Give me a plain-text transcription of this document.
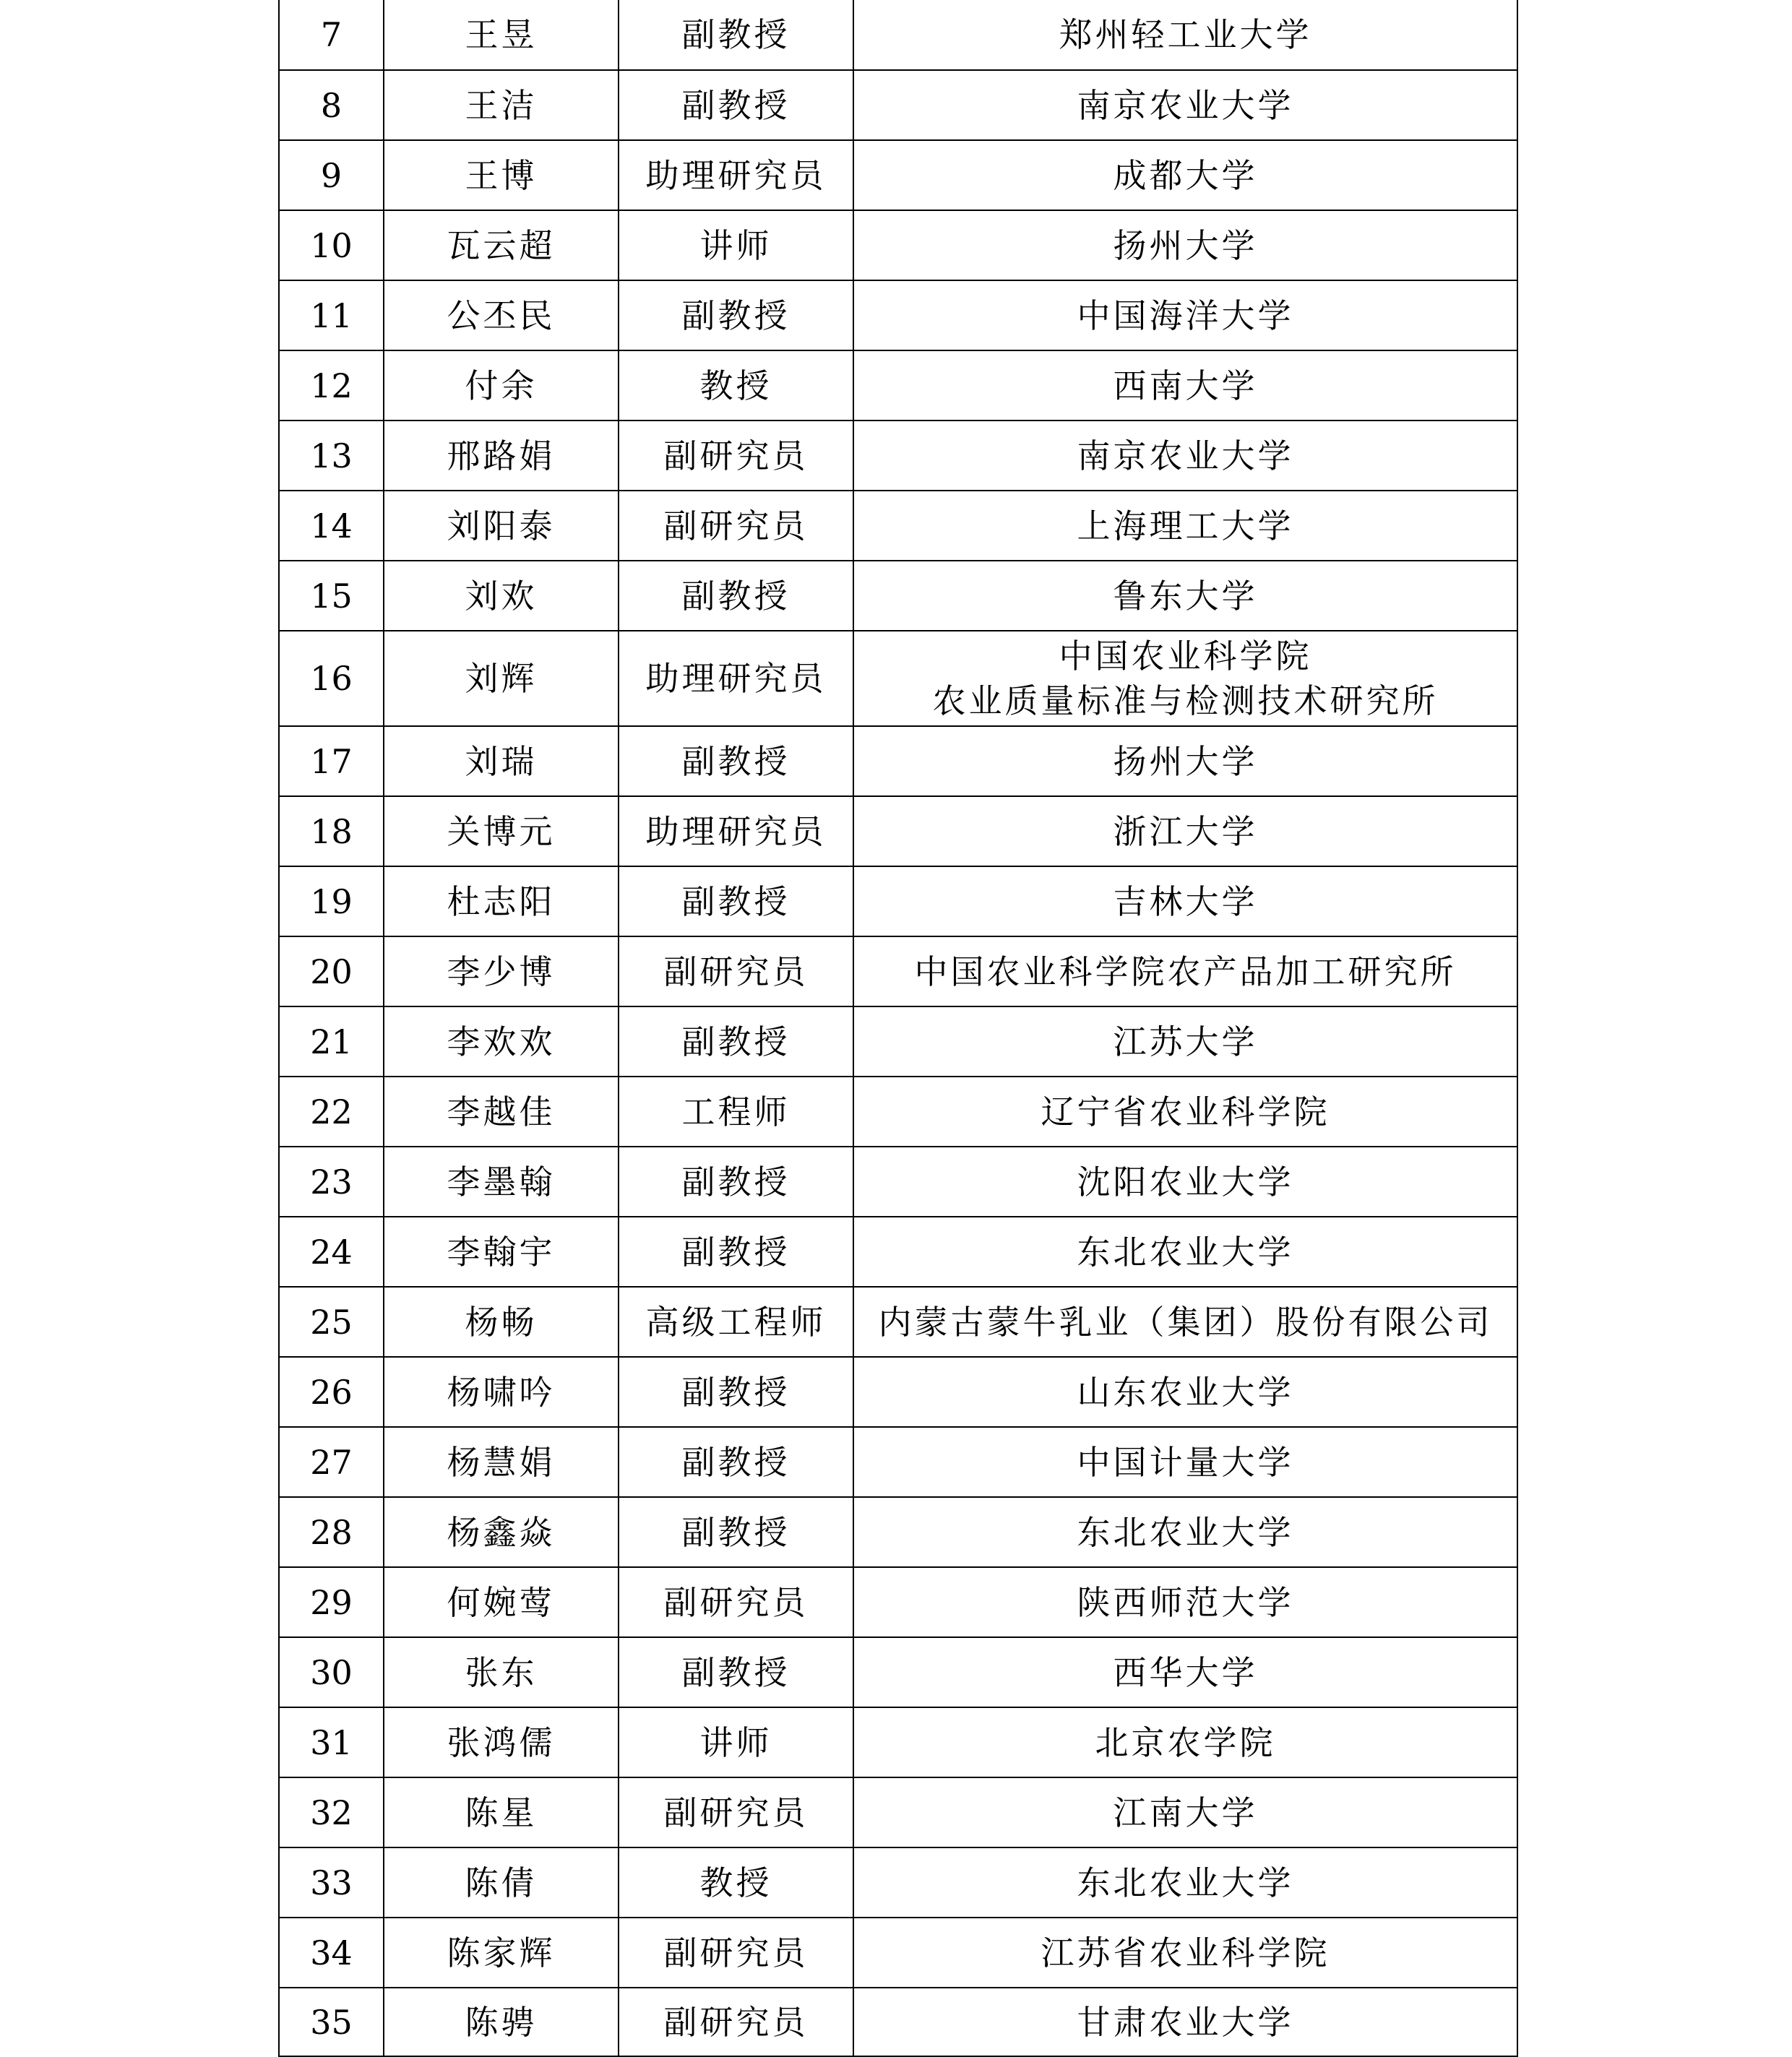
7	王昱	副教授	郑州轻工业大学

8	王洁	副教授	南京农业大学

9	王博	助理研究员	成都大学

10	瓦云超	讲师	扬州大学

11	公丕民	副教授	中国海洋大学

12	付余	教授	西南大学

13	邢路娟	副研究员	南京农业大学

14	刘阳泰	副研究员	上海理工大学

15	刘欢	副教授	鲁东大学

16	刘辉	助理研究员	中国农业科学院
农业质量标准与检测技术研究所

17	刘瑞	副教授	扬州大学

18	关博元	助理研究员	浙江大学

19	杜志阳	副教授	吉林大学

20	李少博	副研究员	中国农业科学院农产品加工研究所

21	李欢欢	副教授	江苏大学

22	李越佳	工程师	辽宁省农业科学院

23	李墨翰	副教授	沈阳农业大学

24	李翰宇	副教授	东北农业大学

25	杨畅	高级工程师	内蒙古蒙牛乳业（集团）股份有限公司

26	杨啸吟	副教授	山东农业大学

27	杨慧娟	副教授	中国计量大学

28	杨鑫焱	副教授	东北农业大学

29	何婉莺	副研究员	陕西师范大学

30	张东	副教授	西华大学

31	张鸿儒	讲师	北京农学院

32	陈星	副研究员	江南大学

33	陈倩	教授	东北农业大学

34	陈家辉	副研究员	江苏省农业科学院

35	陈骋	副研究员	甘肃农业大学
